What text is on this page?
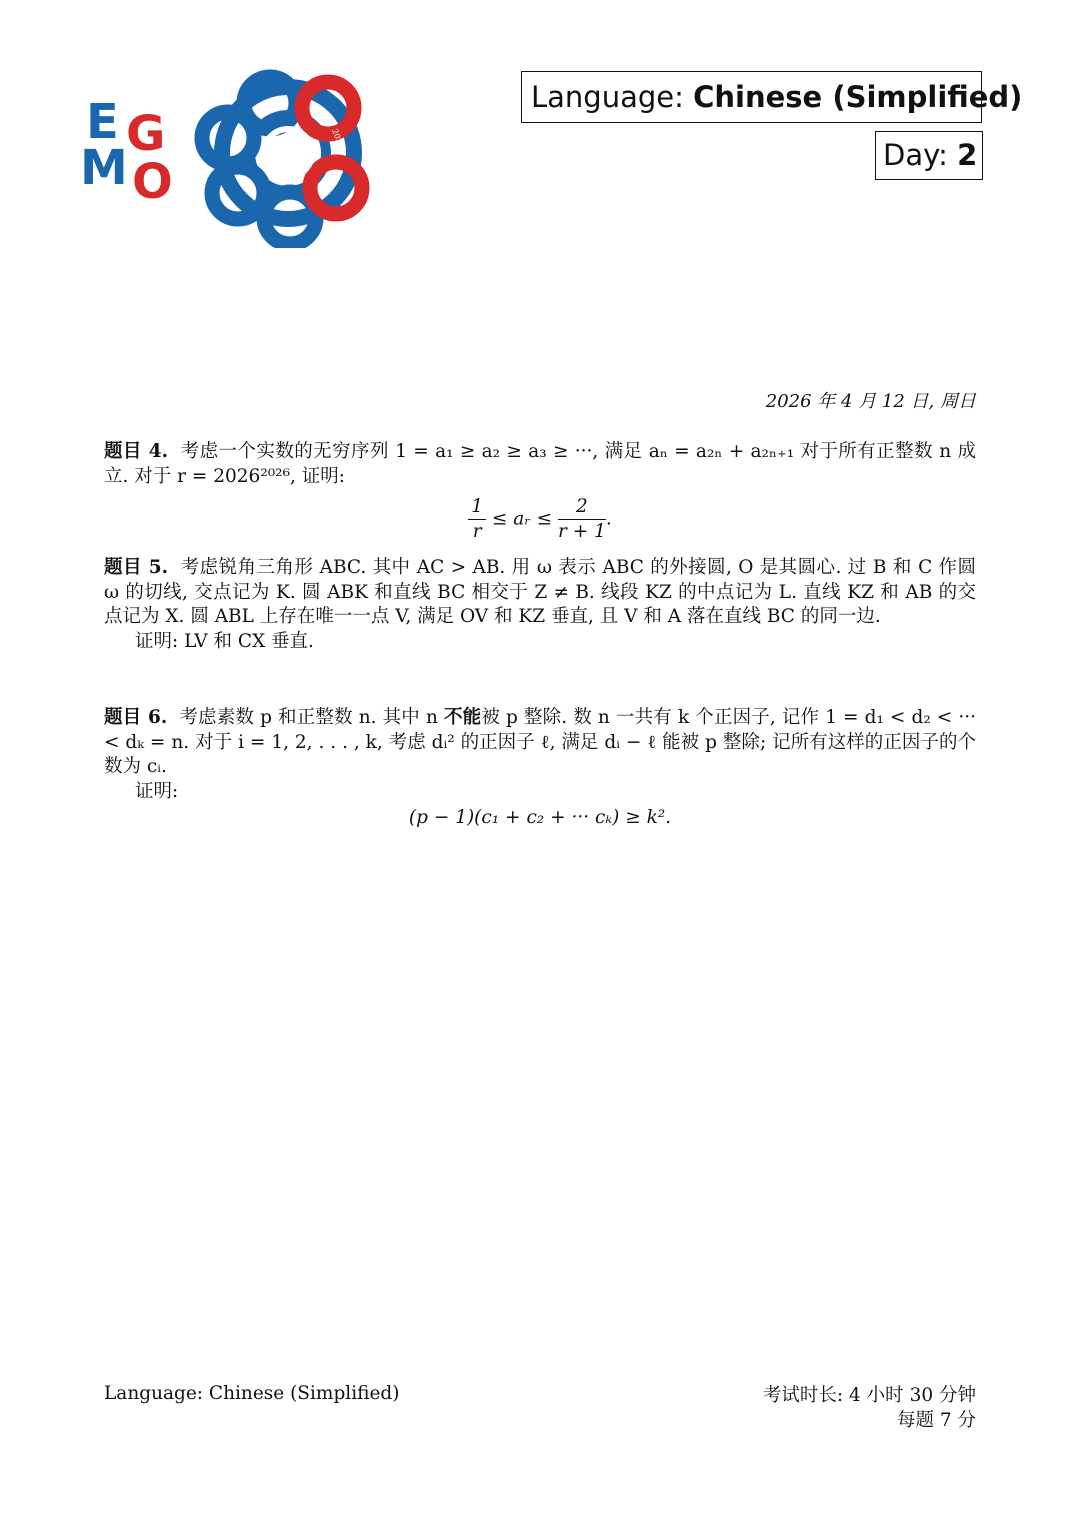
E G
M O
2026
Language: Chinese (Simplified)
Day: 2
2026 年 4 月 12 日, 周日
题目 4. 考虑一个实数的无穷序列 1 = a₁ ≥ a₂ ≥ a₃ ≥ ···, 满足 aₙ = a₂ₙ + a₂ₙ₊₁ 对于所有正整数 n 成立. 对于 r = 2026²⁰²⁶, 证明:
$\frac{1}{r}$ ≤ aᵣ ≤ $\frac{2}{r + 1}$ .
题目 5. 考虑锐角三角形 ABC. 其中 AC > AB. 用 ω 表示 ABC 的外接圆, O 是其圆心. 过 B 和 C 作圆 ω 的切线, 交点记为 K. 圆 ABK 和直线 BC 相交于 Z ≠ B. 线段 KZ 的中点记为 L. 直线 KZ 和 AB 的交点记为 X. 圆 ABL 上存在唯一一点 V, 满足 OV 和 KZ 垂直, 且 V 和 A 落在直线 BC 的同一边.
证明: LV 和 CX 垂直.
题目 6. 考虑素数 p 和正整数 n. 其中 n 不能被 p 整除. 数 n 一共有 k 个正因子, 记作 1 = d₁ < d₂ < ··· < dₖ = n. 对于 i = 1, 2, . . . , k, 考虑 dᵢ² 的正因子 ℓ, 满足 dᵢ − ℓ 能被 p 整除; 记所有这样的正因子的个数为 cᵢ.
证明:
(p − 1)(c₁ + c₂ + ··· cₖ) ≥ k².
Language: Chinese (Simplified)	考试时长: 4 小时 30 分钟
每题 7 分
